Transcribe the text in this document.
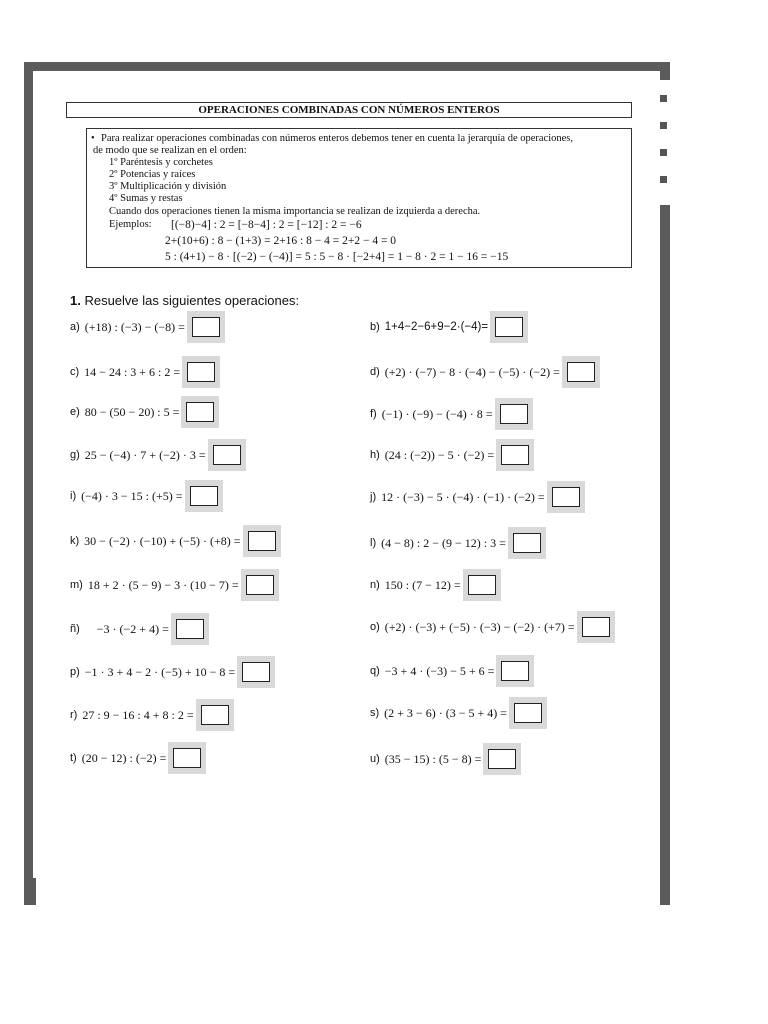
OPERACIONES COMBINADAS CON NÚMEROS ENTEROS
• Para realizar operaciones combinadas con números enteros debemos tener en cuenta la jerarquía de operaciones,
de modo que se realizan en el orden:
1º Paréntesis y corchetes
2º Potencias y raíces
3º Multiplicación y división
4º Sumas y restas
Cuando dos operaciones tienen la misma importancia se realizan de izquierda a derecha.
Ejemplos: [(−8)−4] : 2 = [−8−4] : 2 = [−12] : 2 = −6
2+(10+6) : 8 − (1+3) = 2+16 : 8 − 4 = 2+2 − 4 = 0
5 : (4+1) − 8 · [(−2) − (−4)] = 5 : 5 − 8 · [−2+4] = 1 − 8 · 2 = 1 − 16 = −15
1. Resuelve las siguientes operaciones:
a) (+18) : (−3) − (−8) =
c) 14 − 24 : 3 + 6 : 2 =
e) 80 − (50 − 20) : 5 =
g) 25 − (−4) · 7 + (−2) · 3 =
i) (−4) · 3 − 15 : (+5) =
k) 30 − (−2) · (−10) + (−5) · (+8) =
m) 18 + 2 · (5 − 9) − 3 · (10 − 7) =
ñ)	−3 · (−2 + 4) =
p) −1 · 3 + 4 − 2 · (−5) + 10 − 8 =
r) 27 : 9 − 16 : 4 + 8 : 2 =
t) (20 − 12) : (−2) =
b) 1+4−2−6+9−2·(−4)=
d) (+2) · (−7) − 8 · (−4) − (−5) · (−2) =
f) (−1) · (−9) − (−4) · 8 =
h) (24 : (−2)) − 5 · (−2) =
j) 12 · (−3) − 5 · (−4) · (−1) · (−2) =
l) (4 − 8) : 2 − (9 − 12) : 3 =
n) 150 : (7 − 12) =
o) (+2) · (−3) + (−5) · (−3) − (−2) · (+7) =
q) −3 + 4 · (−3) − 5 + 6 =
s) (2 + 3 − 6) · (3 − 5 + 4) =
u) (35 − 15) : (5 − 8) =
